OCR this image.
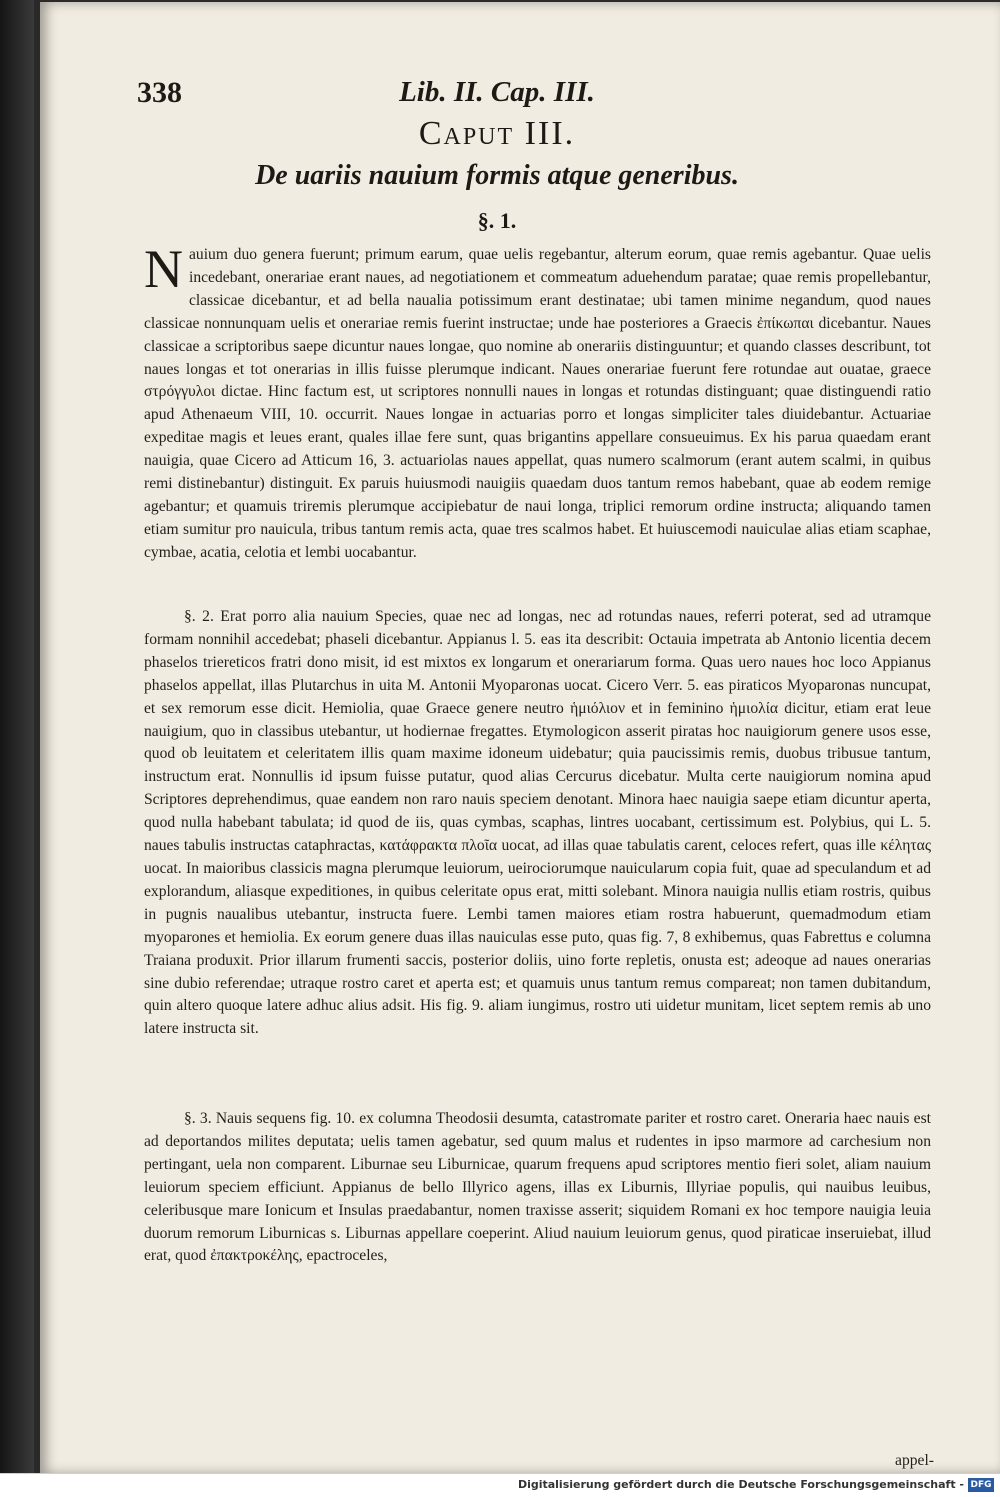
338	Lib. II. Cap. III.
Caput III.
De uariis nauium formis atque generibus.
§. 1.
N auium duo genera fuerunt; primum earum, quae uelis regebantur, alterum eorum, quae remis agebantur. Quae uelis incedebant, onerariae erant naues, ad negotiationem et commeatum aduehendum paratae; quae remis propellebantur, classicae dicebantur, et ad bella naualia potissimum erant destinatae; ubi tamen minime negandum, quod naues classicae nonnunquam uelis et onerariae remis fuerint instructae; unde hae posteriores a Graecis ἐπίκωπαι dicebantur. Naues classicae a scriptoribus saepe dicuntur naues longae, quo nomine ab onerariis distinguuntur; et quando classes describunt, tot naues longas et tot onerarias in illis fuisse plerumque indicant. Naues onerariae fuerunt fere rotundae aut ouatae, graece στρόγγυλοι dictae. Hinc factum est, ut scriptores nonnulli naues in longas et rotundas distinguant; quae distinguendi ratio apud Athenaeum VIII, 10. occurrit. Naues longae in actuarias porro et longas simpliciter tales diuidebantur. Actuariae expeditae magis et leues erant, quales illae fere sunt, quas brigantins appellare consueuimus. Ex his parua quaedam erant nauigia, quae Cicero ad Atticum 16, 3. actuariolas naues appellat, quas numero scalmorum (erant autem scalmi, in quibus remi distinebantur) distinguit. Ex paruis huiusmodi nauigiis quaedam duos tantum remos habebant, quae ab eodem remige agebantur; et quamuis triremis plerumque accipiebatur de naui longa, triplici remorum ordine instructa; aliquando tamen etiam sumitur pro nauicula, tribus tantum remis acta, quae tres scalmos habet. Et huiuscemodi nauiculae alias etiam scaphae, cymbae, acatia, celotia et lembi uocabantur.

§. 2. Erat porro alia nauium Species, quae nec ad longas, nec ad rotundas naues, referri poterat, sed ad utramque formam nonnihil accedebat; phaseli dicebantur. Appianus l. 5. eas ita describit: Octauia impetrata ab Antonio licentia decem phaselos triereticos fratri dono misit, id est mixtos ex longarum et onerariarum forma. Quas uero naues hoc loco Appianus phaselos appellat, illas Plutarchus in uita M. Antonii Myoparonas uocat. Cicero Verr. 5. eas piraticos Myoparonas nuncupat, et sex remorum esse dicit. Hemiolia, quae Graece genere neutro ἡμιόλιον et in feminino ἡμιολία dicitur, etiam erat leue nauigium, quo in classibus utebantur, ut hodiernae fregattes. Etymologicon asserit piratas hoc nauigiorum genere usos esse, quod ob leuitatem et celeritatem illis quam maxime idoneum uidebatur; quia paucissimis remis, duobus tribusue tantum, instructum erat. Nonnullis id ipsum fuisse putatur, quod alias Cercurus dicebatur. Multa certe nauigiorum nomina apud Scriptores deprehendimus, quae eandem non raro nauis speciem denotant. Minora haec nauigia saepe etiam dicuntur aperta, quod nulla habebant tabulata; id quod de iis, quas cymbas, scaphas, lintres uocabant, certissimum est. Polybius, qui L. 5. naues tabulis instructas cataphractas, κατάφρακτα πλοῖα uocat, ad illas quae tabulatis carent, celoces refert, quas ille κέλητας uocat. In maioribus classicis magna plerumque leuiorum, ueirociorumque nauicularum copia fuit, quae ad speculandum et ad explorandum, aliasque expeditiones, in quibus celeritate opus erat, mitti solebant. Minora nauigia nullis etiam rostris, quibus in pugnis naualibus utebantur, instructa fuere. Lembi tamen maiores etiam rostra habuerunt, quemadmodum etiam myoparones et hemiolia. Ex eorum genere duas illas nauiculas esse puto, quas fig. 7, 8 exhibemus, quas Fabrettus e columna Traiana produxit. Prior illarum frumenti saccis, posterior doliis, uino forte repletis, onusta est; adeoque ad naues onerarias sine dubio referendae; utraque rostro caret et aperta est; et quamuis unus tantum remus compareat; non tamen dubitandum, quin altero quoque latere adhuc alius adsit. His fig. 9. aliam iungimus, rostro uti uidetur munitam, licet septem remis ab uno latere instructa sit.

§. 3. Nauis sequens fig. 10. ex columna Theodosii desumta, catastromate pariter et rostro caret. Oneraria haec nauis est ad deportandos milites deputata; uelis tamen agebatur, sed quum malus et rudentes in ipso marmore ad carchesium non pertingant, uela non comparent. Liburnae seu Liburnicae, quarum frequens apud scriptores mentio fieri solet, aliam nauium leuiorum speciem efficiunt. Appianus de bello Illyrico agens, illas ex Liburnis, Illyriae populis, qui nauibus leuibus, celeribusque mare Ionicum et Insulas praedabantur, nomen traxisse asserit; siquidem Romani ex hoc tempore nauigia leuia duorum remorum Liburnicas s. Liburnas appellare coeperint. Aliud nauium leuiorum genus, quod piraticae inseruiebat, illud erat, quod ἐπακτροκέλης, epactroceles,

appel-
Digitalisierung gefördert durch die Deutsche Forschungsgemeinschaft - DFG
